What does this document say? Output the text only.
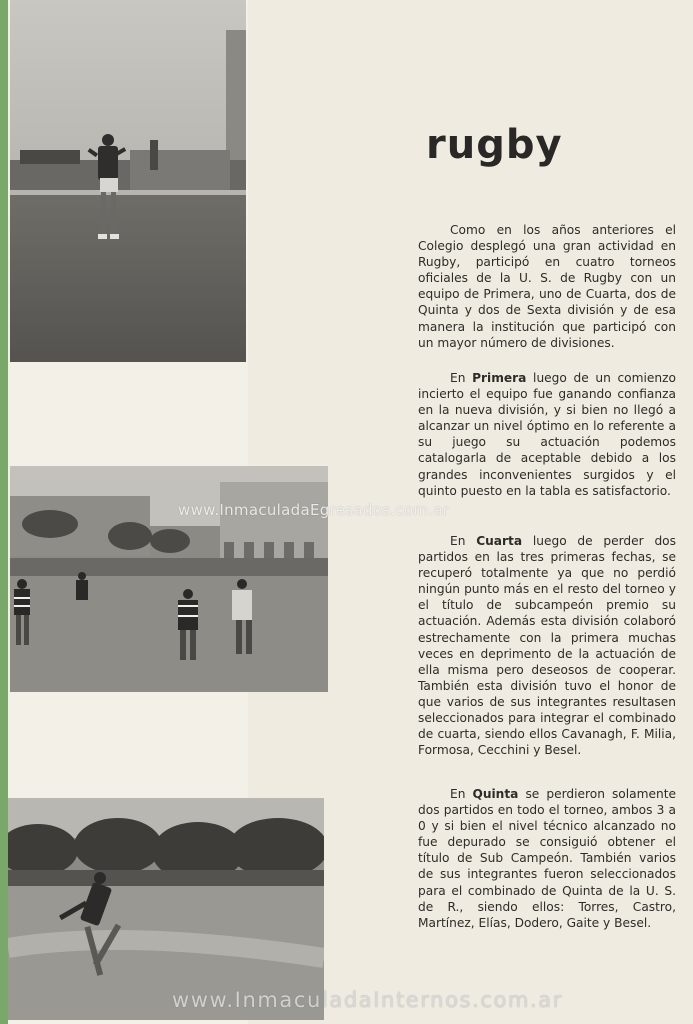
rugby

Como en los años anteriores el Colegio desplegó una gran actividad en Rugby, participó en cuatro torneos oficiales de la U. S. de Rugby con un equipo de Primera, uno de Cuarta, dos de Quinta y dos de Sexta división y de esa manera la institución que participó con un mayor número de divisiones.

En Primera luego de un comienzo incierto el equipo fue ganando confianza en la nueva división, y si bien no llegó a alcanzar un nivel óptimo en lo referente a su juego su actuación podemos catalogarla de aceptable debido a los grandes inconvenientes surgidos y el quinto puesto en la tabla es satisfactorio.

En Cuarta luego de perder dos partidos en las tres primeras fechas, se recuperó totalmente ya que no perdió ningún punto más en el resto del torneo y el título de subcampeón premio su actuación. Además esta división colaboró estrechamente con la primera muchas veces en deprimento de la actuación de ella misma pero deseosos de cooperar. También esta división tuvo el honor de que varios de sus integrantes resultasen seleccionados para integrar el combinado de cuarta, siendo ellos Cavanagh, F. Milia, Formosa, Cecchini y Besel.

En Quinta se perdieron solamente dos partidos en todo el torneo, ambos 3 a 0 y si bien el nivel técnico alcanzado no fue depurado se consiguió obtener el título de Sub Campeón. También varios de sus integrantes fueron seleccionados para el combinado de Quinta de la U. S. de R., siendo ellos: Torres, Castro, Martínez, Elías, Dodero, Gaite y Besel.

www.InmaculadaEgresados.com.ar
www.InmaculadaInternos.com.ar
